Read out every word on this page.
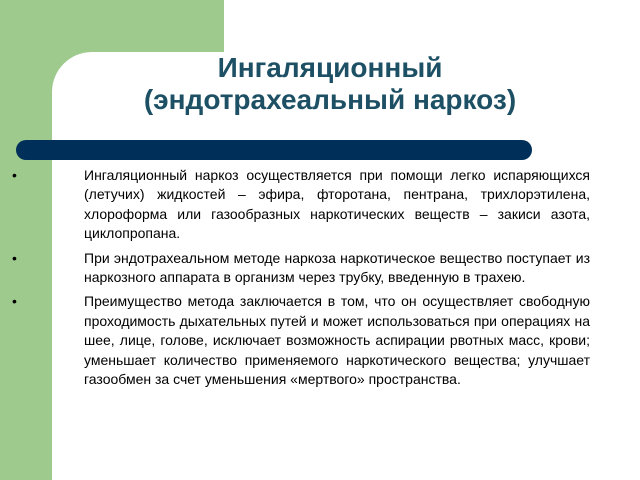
Ингаляционный
(эндотрахеальный наркоз)
•	Ингаляционный наркоз осуществляется при помощи легко испаряющихся (летучих) жидкостей – эфира, фторотана, пентрана, трихлорэтилена, хлороформа или газообразных наркотических веществ – закиси азота, циклопропана.
•	При эндотрахеальном методе наркоза наркотическое вещество поступает из наркозного аппарата в организм через трубку, введенную в трахею.
•	Преимущество метода заключается в том, что он осуществляет свободную проходимость дыхательных путей и может использоваться при операциях на шее, лице, голове, исключает возможность аспирации рвотных масс, крови; уменьшает количество применяемого наркотического вещества; улучшает газообмен за счет уменьшения «мертвого» пространства.
